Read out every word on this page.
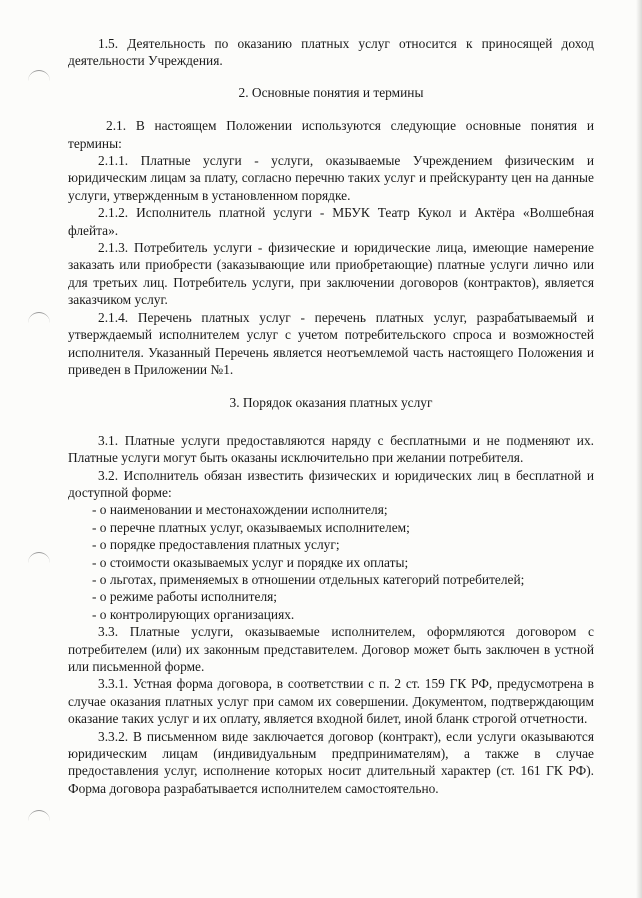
1.5. Деятельность по оказанию платных услуг относится к приносящей доход деятельности Учреждения.

2. Основные понятия и термины

2.1. В настоящем Положении используются следующие основные понятия и термины:

2.1.1. Платные услуги - услуги, оказываемые Учреждением физическим и юридическим лицам за плату, согласно перечню таких услуг и прейскуранту цен на данные услуги, утвержденным в установленном порядке.

2.1.2. Исполнитель платной услуги - МБУК Театр Кукол и Актёра «Волшебная флейта».

2.1.3. Потребитель услуги - физические и юридические лица, имеющие намерение заказать или приобрести (заказывающие или приобретающие) платные услуги лично или для третьих лиц. Потребитель услуги, при заключении договоров (контрактов), является заказчиком услуг.

2.1.4. Перечень платных услуг - перечень платных услуг, разрабатываемый и утверждаемый исполнителем услуг с учетом потребительского спроса и возможностей исполнителя. Указанный Перечень является неотъемлемой часть настоящего Положения и приведен в Приложении №1.

3. Порядок оказания платных услуг

3.1. Платные услуги предоставляются наряду с бесплатными и не подменяют их. Платные услуги могут быть оказаны исключительно при желании потребителя.

3.2. Исполнитель обязан известить физических и юридических лиц в бесплатной и доступной форме:

- о наименовании и местонахождении исполнителя;

- о перечне платных услуг, оказываемых исполнителем;

- о порядке предоставления платных услуг;

- о стоимости оказываемых услуг и порядке их оплаты;

- о льготах, применяемых в отношении отдельных категорий потребителей;

- о режиме работы исполнителя;

- о контролирующих организациях.

3.3. Платные услуги, оказываемые исполнителем, оформляются договором с потребителем (или) их законным представителем. Договор может быть заключен в устной или письменной форме.

3.3.1. Устная форма договора, в соответствии с п. 2 ст. 159 ГК РФ, предусмотрена в случае оказания платных услуг при самом их совершении. Документом, подтверждающим оказание таких услуг и их оплату, является входной билет, иной бланк строгой отчетности.

3.3.2. В письменном виде заключается договор (контракт), если услуги оказываются юридическим лицам (индивидуальным предпринимателям), а также в случае предоставления услуг, исполнение которых носит длительный характер (ст. 161 ГК РФ). Форма договора разрабатывается исполнителем самостоятельно.
